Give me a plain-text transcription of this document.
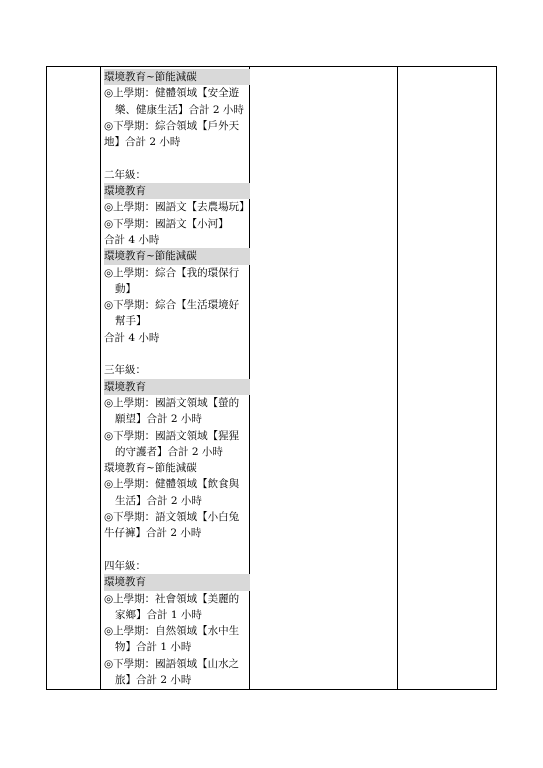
環境教育~節能減碳
◎上學期：健體領域【安全遊
樂、健康生活】合計 2 小時
◎下學期：綜合領域【戶外天
地】合計 2 小時
二年級：
環境教育
◎上學期：國語文【去農場玩】
◎下學期：國語文【小河】
合計 4 小時
環境教育~節能減碳
◎上學期：綜合【我的環保行
動】
◎下學期：綜合【生活環境好
幫手】
合計 4 小時
三年級：
環境教育
◎上學期：國語文領域【螢的
願望】合計 2 小時
◎下學期：國語文領域【猩猩
的守護者】合計 2 小時
環境教育~節能減碳
◎上學期：健體領域【飲食與
生活】合計 2 小時
◎下學期：語文領域【小白兔
牛仔褲】合計 2 小時
四年級：
環境教育
◎上學期：社會領域【美麗的
家鄉】合計 1 小時
◎上學期：自然領域【水中生
物】合計 1 小時
◎下學期：國語領域【山水之
旅】合計 2 小時
